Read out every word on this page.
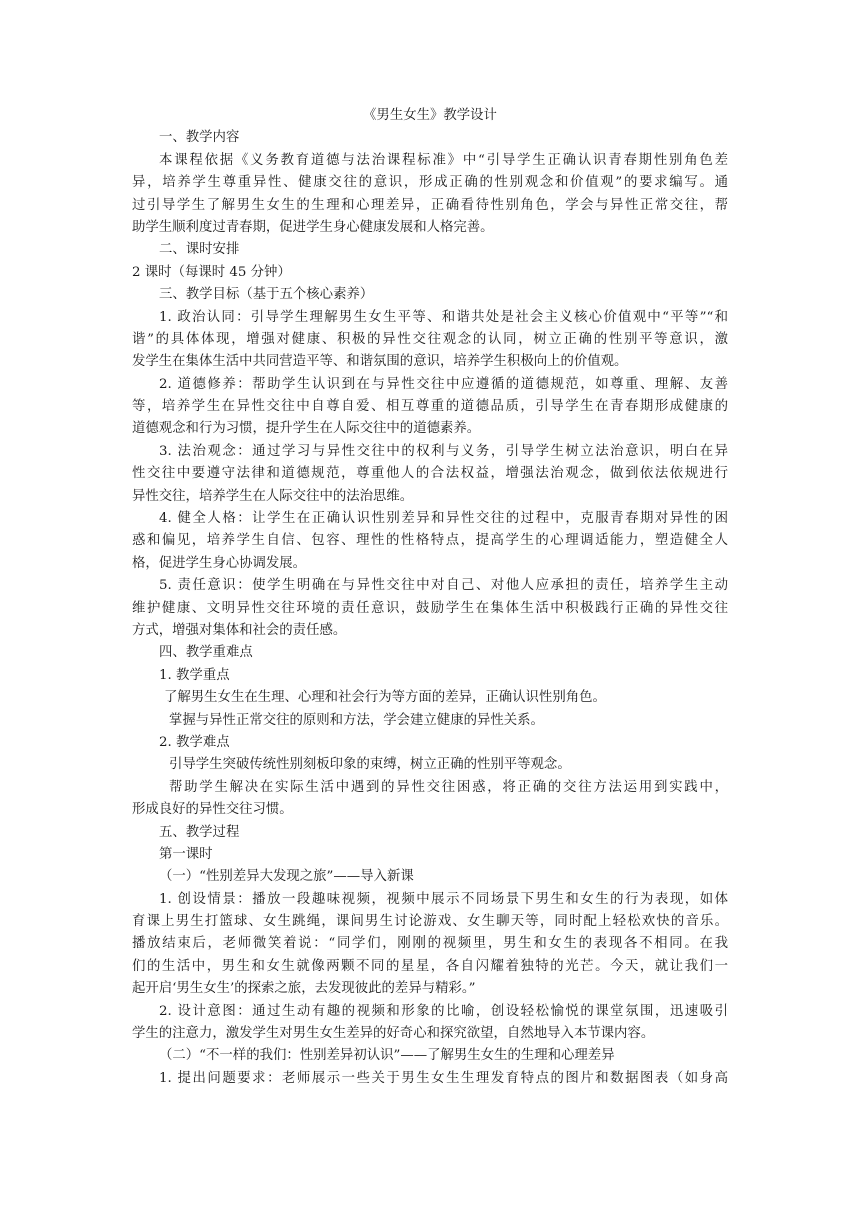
《男生女生》教学设计
一、教学内容
本课程依据《义务教育道德与法治课程标准》中“引导学生正确认识青春期性别角色差
异，培养学生尊重异性、健康交往的意识，形成正确的性别观念和价值观”的要求编写。通
过引导学生了解男生女生的生理和心理差异，正确看待性别角色，学会与异性正常交往，帮
助学生顺利度过青春期，促进学生身心健康发展和人格完善。
二、课时安排
2 课时（每课时 45 分钟）
三、教学目标（基于五个核心素养）
1. 政治认同：引导学生理解男生女生平等、和谐共处是社会主义核心价值观中“平等”“和
谐”的具体体现，增强对健康、积极的异性交往观念的认同，树立正确的性别平等意识，激
发学生在集体生活中共同营造平等、和谐氛围的意识，培养学生积极向上的价值观。
2. 道德修养：帮助学生认识到在与异性交往中应遵循的道德规范，如尊重、理解、友善
等，培养学生在异性交往中自尊自爱、相互尊重的道德品质，引导学生在青春期形成健康的
道德观念和行为习惯，提升学生在人际交往中的道德素养。
3. 法治观念：通过学习与异性交往中的权利与义务，引导学生树立法治意识，明白在异
性交往中要遵守法律和道德规范，尊重他人的合法权益，增强法治观念，做到依法依规进行
异性交往，培养学生在人际交往中的法治思维。
4. 健全人格：让学生在正确认识性别差异和异性交往的过程中，克服青春期对异性的困
惑和偏见，培养学生自信、包容、理性的性格特点，提高学生的心理调适能力，塑造健全人
格，促进学生身心协调发展。
5. 责任意识：使学生明确在与异性交往中对自己、对他人应承担的责任，培养学生主动
维护健康、文明异性交往环境的责任意识，鼓励学生在集体生活中积极践行正确的异性交往
方式，增强对集体和社会的责任感。
四、教学重难点
1. 教学重点
了解男生女生在生理、心理和社会行为等方面的差异，正确认识性别角色。
掌握与异性正常交往的原则和方法，学会建立健康的异性关系。
2. 教学难点
引导学生突破传统性别刻板印象的束缚，树立正确的性别平等观念。
帮助学生解决在实际生活中遇到的异性交往困惑，将正确的交往方法运用到实践中，
形成良好的异性交往习惯。
五、教学过程
第一课时
（一）“性别差异大发现之旅”——导入新课
1. 创设情景：播放一段趣味视频，视频中展示不同场景下男生和女生的行为表现，如体
育课上男生打篮球、女生跳绳，课间男生讨论游戏、女生聊天等，同时配上轻松欢快的音乐。
播放结束后，老师微笑着说：“同学们，刚刚的视频里，男生和女生的表现各不相同。在我
们的生活中，男生和女生就像两颗不同的星星，各自闪耀着独特的光芒。今天，就让我们一
起开启‘男生女生’的探索之旅，去发现彼此的差异与精彩。”
2. 设计意图：通过生动有趣的视频和形象的比喻，创设轻松愉悦的课堂氛围，迅速吸引
学生的注意力，激发学生对男生女生差异的好奇心和探究欲望，自然地导入本节课内容。
（二）“不一样的我们：性别差异初认识”——了解男生女生的生理和心理差异
1. 提出问题要求：老师展示一些关于男生女生生理发育特点的图片和数据图表（如身高
